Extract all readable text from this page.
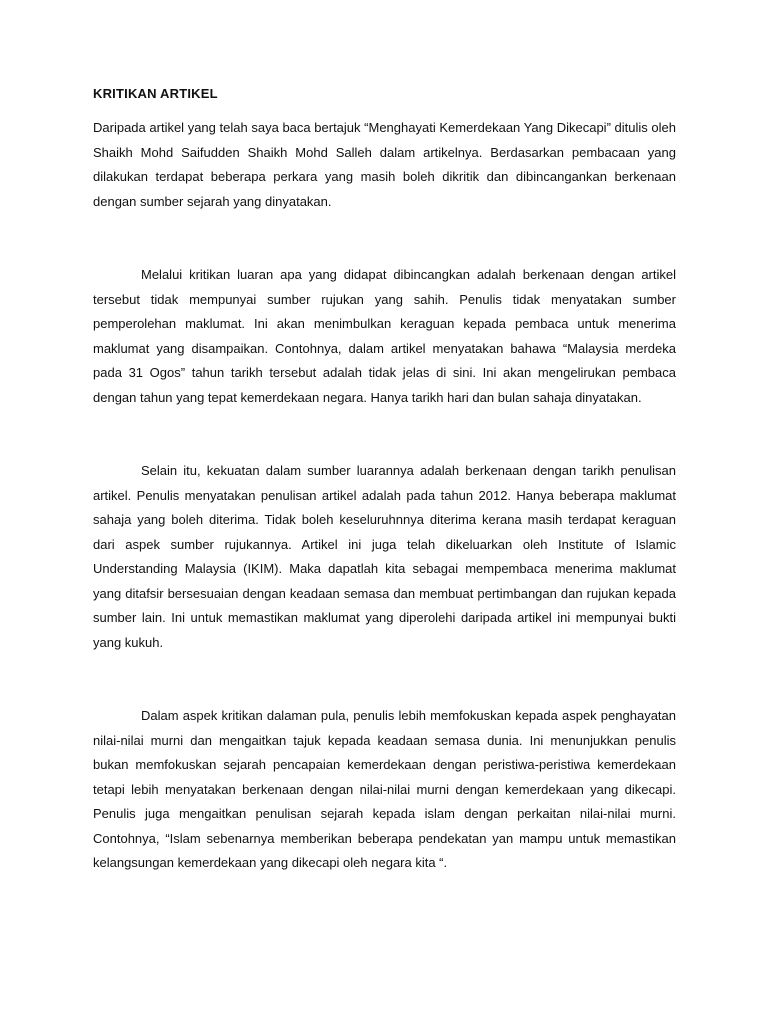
KRITIKAN ARTIKEL

Daripada artikel yang telah saya baca bertajuk “Menghayati Kemerdekaan Yang Dikecapi” ditulis oleh Shaikh Mohd Saifudden Shaikh Mohd Salleh dalam artikelnya. Berdasarkan pembacaan yang dilakukan terdapat beberapa perkara yang masih boleh dikritik dan dibincangankan berkenaan dengan sumber sejarah yang dinyatakan.

Melalui kritikan luaran apa yang didapat dibincangkan adalah berkenaan dengan artikel tersebut tidak mempunyai sumber rujukan yang sahih. Penulis tidak menyatakan sumber pemperolehan maklumat. Ini akan menimbulkan keraguan kepada pembaca untuk menerima maklumat yang disampaikan. Contohnya, dalam artikel menyatakan bahawa “Malaysia merdeka pada 31 Ogos” tahun tarikh tersebut adalah tidak jelas di sini. Ini akan mengelirukan pembaca dengan tahun yang tepat kemerdekaan negara. Hanya tarikh hari dan bulan sahaja dinyatakan.

Selain itu, kekuatan dalam sumber luarannya adalah berkenaan dengan tarikh penulisan artikel. Penulis menyatakan penulisan artikel adalah pada tahun 2012. Hanya beberapa maklumat sahaja yang boleh diterima. Tidak boleh keseluruhnnya diterima kerana masih terdapat keraguan dari aspek sumber rujukannya. Artikel ini juga telah dikeluarkan oleh Institute of Islamic Understanding Malaysia (IKIM). Maka dapatlah kita sebagai mempembaca menerima maklumat yang ditafsir bersesuaian dengan keadaan semasa dan membuat pertimbangan dan rujukan kepada sumber lain. Ini untuk memastikan maklumat yang diperolehi daripada artikel ini mempunyai bukti yang kukuh.

Dalam aspek kritikan dalaman pula, penulis lebih memfokuskan kepada aspek penghayatan nilai-nilai murni dan mengaitkan tajuk kepada keadaan semasa dunia. Ini menunjukkan penulis bukan memfokuskan sejarah pencapaian kemerdekaan dengan peristiwa-peristiwa kemerdekaan tetapi lebih menyatakan berkenaan dengan nilai-nilai murni dengan kemerdekaan yang dikecapi. Penulis juga mengaitkan penulisan sejarah kepada islam dengan perkaitan nilai-nilai murni. Contohnya, “Islam sebenarnya memberikan beberapa pendekatan yan mampu untuk memastikan kelangsungan kemerdekaan yang dikecapi oleh negara kita “.
